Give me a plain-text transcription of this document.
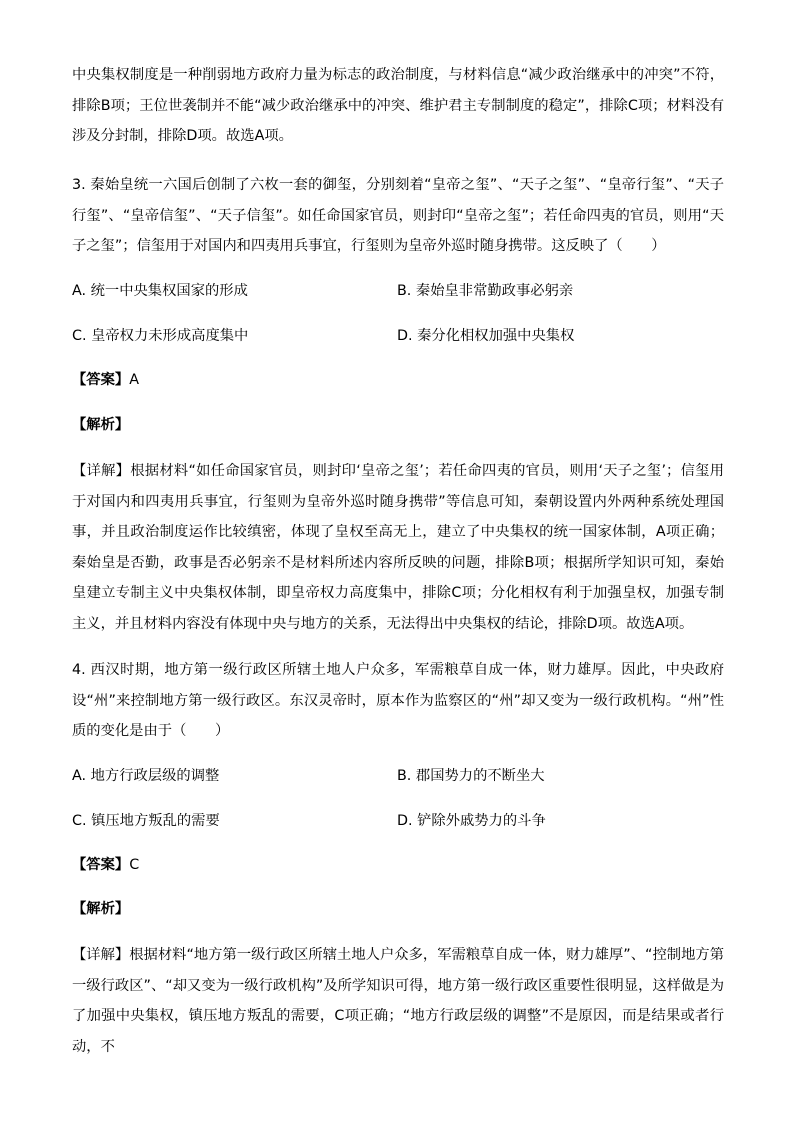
中央集权制度是一种削弱地方政府力量为标志的政治制度，与材料信息“减少政治继承中的冲突”不符，排除B项；王位世袭制并不能“减少政治继承中的冲突、维护君主专制制度的稳定”，排除C项；材料没有涉及分封制，排除D项。故选A项。

3. 秦始皇统一六国后创制了六枚一套的御玺，分别刻着“皇帝之玺”、“天子之玺”、“皇帝行玺”、“天子行玺”、“皇帝信玺”、“天子信玺”。如任命国家官员，则封印“皇帝之玺”；若任命四夷的官员，则用“天子之玺”；信玺用于对国内和四夷用兵事宜，行玺则为皇帝外巡时随身携带。这反映了（　　）

A. 统一中央集权国家的形成	B. 秦始皇非常勤政事必躬亲
C. 皇帝权力未形成高度集中	D. 秦分化相权加强中央集权
【答案】A
【解析】

【详解】根据材料“如任命国家官员，则封印‘皇帝之玺’；若任命四夷的官员，则用‘天子之玺’；信玺用于对国内和四夷用兵事宜，行玺则为皇帝外巡时随身携带”等信息可知，秦朝设置内外两种系统处理国事，并且政治制度运作比较缜密，体现了皇权至高无上，建立了中央集权的统一国家体制，A项正确；秦始皇是否勤，政事是否必躬亲不是材料所述内容所反映的问题，排除B项；根据所学知识可知，秦始皇建立专制主义中央集权体制，即皇帝权力高度集中，排除C项；分化相权有利于加强皇权，加强专制主义，并且材料内容没有体现中央与地方的关系，无法得出中央集权的结论，排除D项。故选A项。

4. 西汉时期，地方第一级行政区所辖土地人户众多，军需粮草自成一体，财力雄厚。因此，中央政府设“州”来控制地方第一级行政区。东汉灵帝时，原本作为监察区的“州”却又变为一级行政机构。“州”性质的变化是由于（　　）

A. 地方行政层级的调整	B. 郡国势力的不断坐大
C. 镇压地方叛乱的需要	D. 铲除外戚势力的斗争
【答案】C
【解析】

【详解】根据材料“地方第一级行政区所辖土地人户众多，军需粮草自成一体，财力雄厚”、“控制地方第一级行政区”、“却又变为一级行政机构”及所学知识可得，地方第一级行政区重要性很明显，这样做是为了加强中央集权，镇压地方叛乱的需要，C项正确；“地方行政层级的调整”不是原因，而是结果或者行动，不
